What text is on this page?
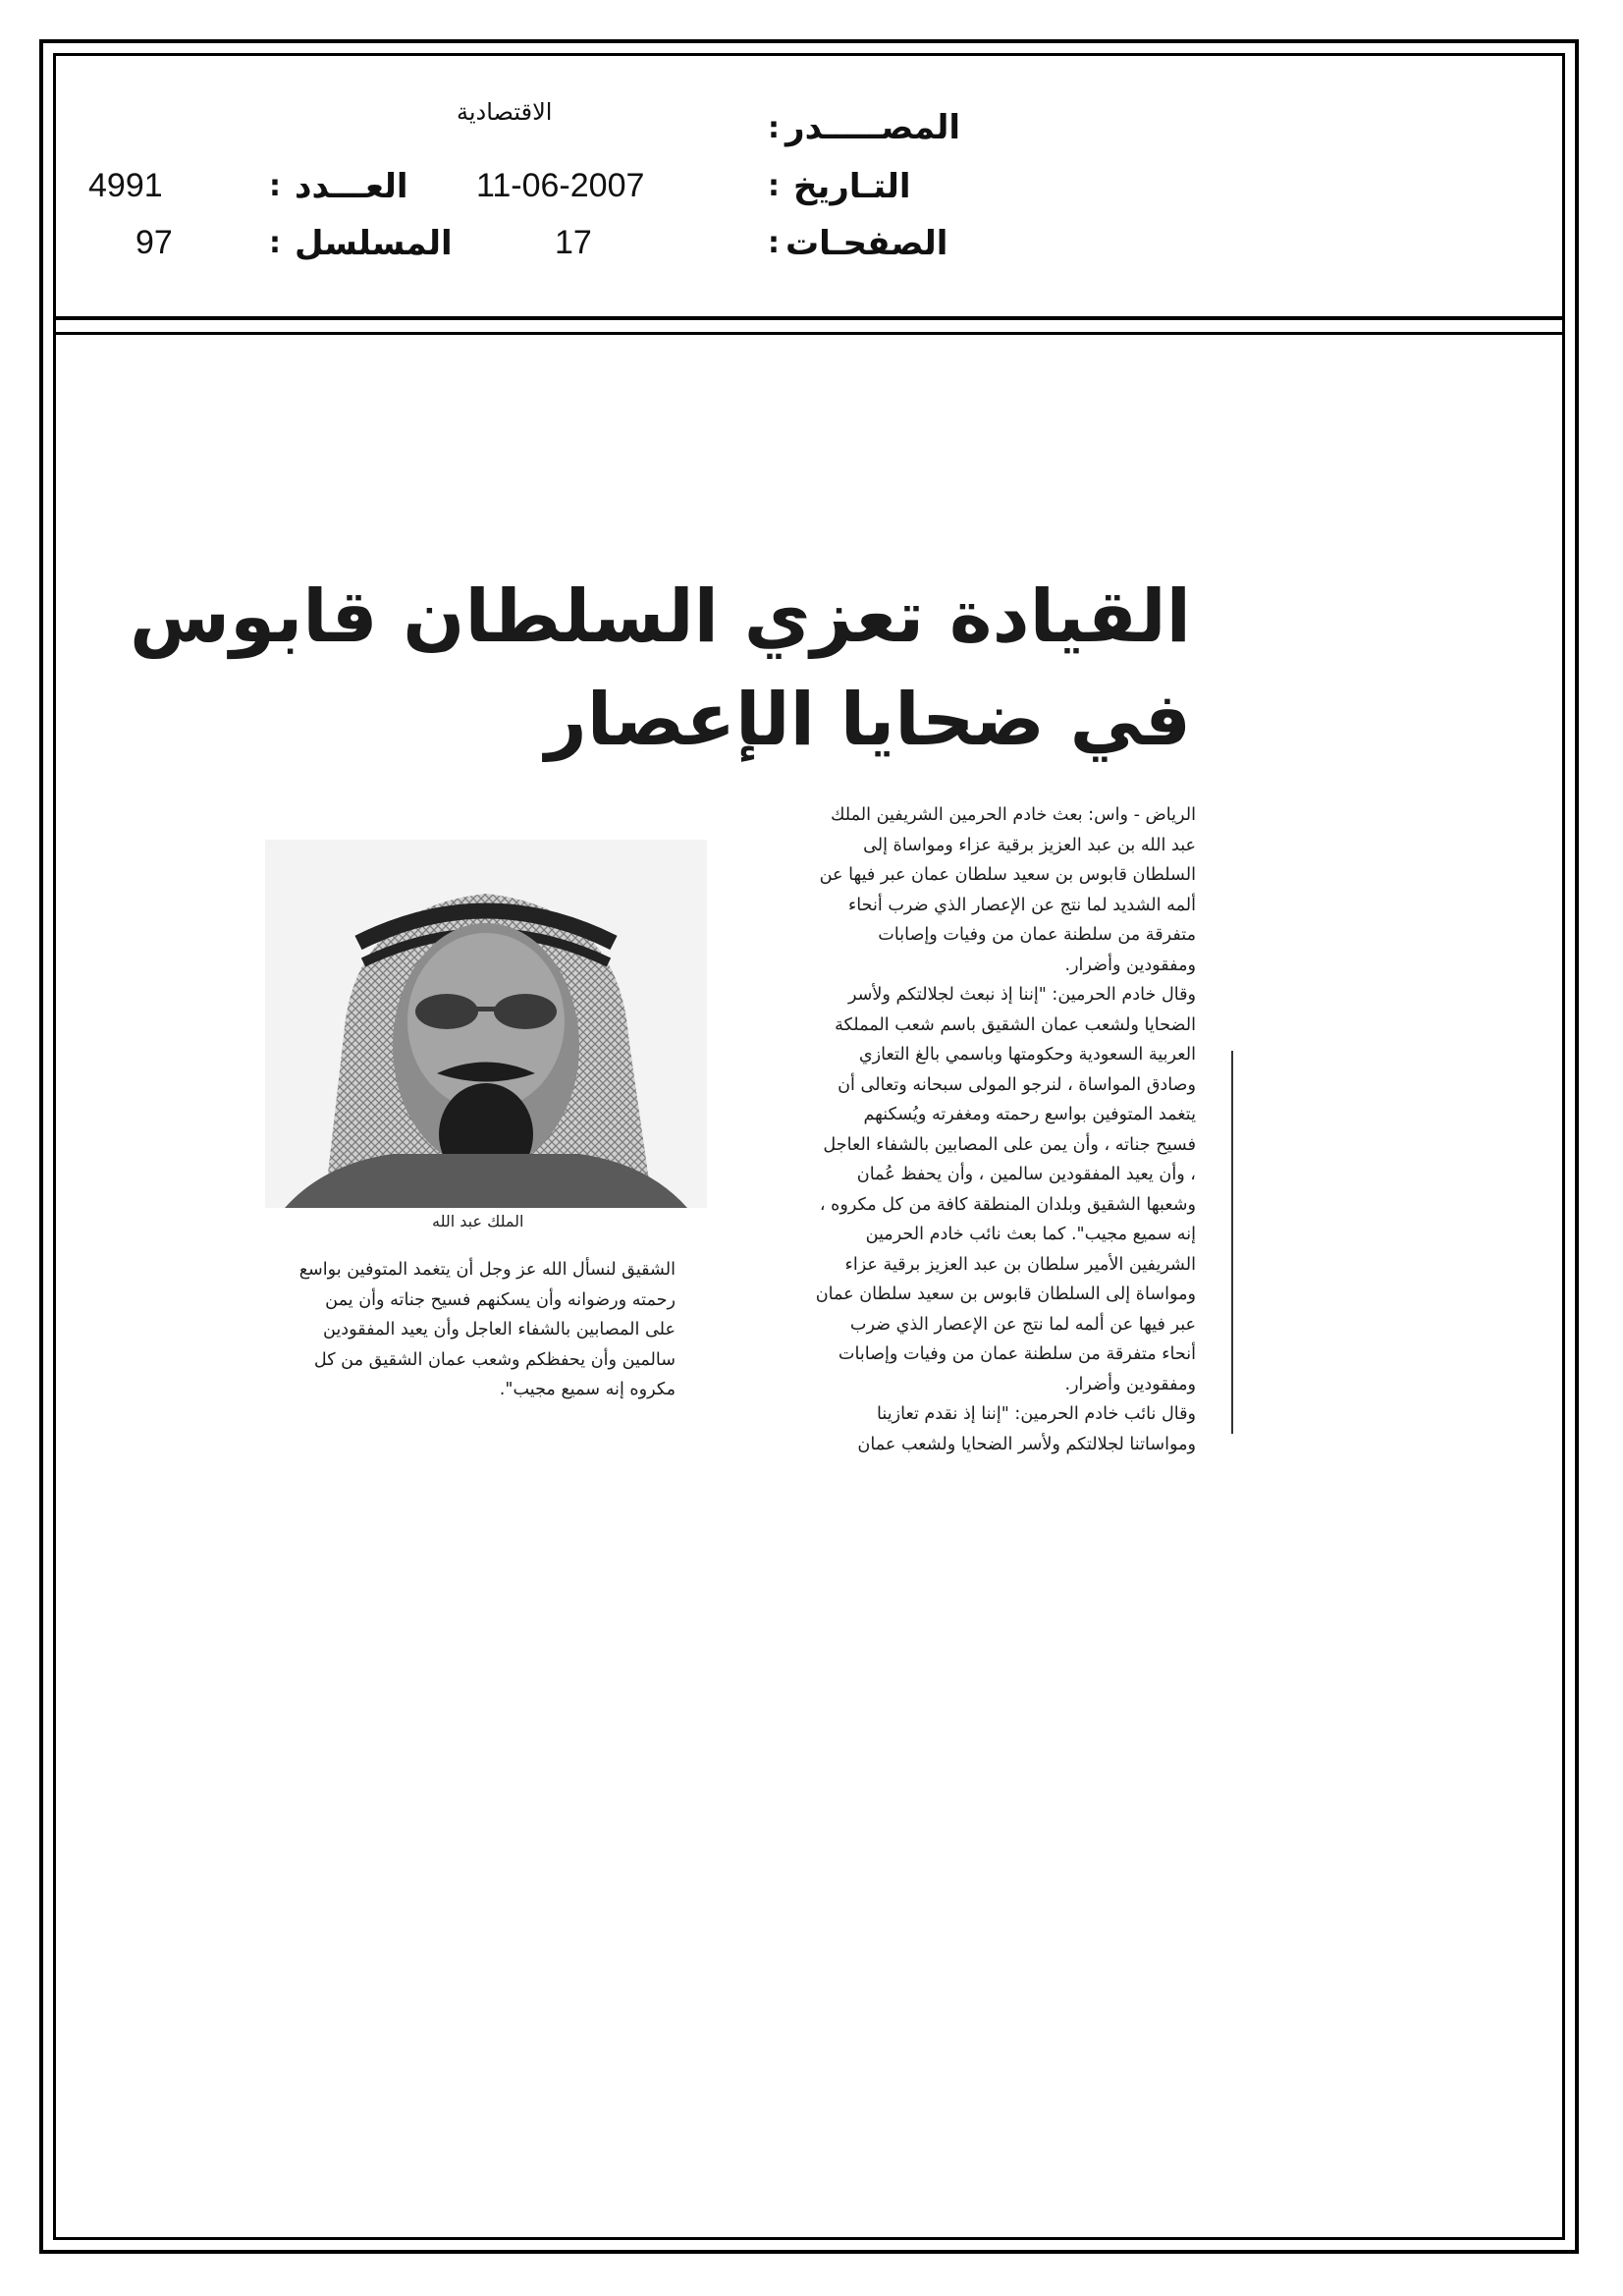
المصـــــدر
:
الاقتصادية
التـاريخ
:
11-06-2007
العـــدد
:
4991
الصفحـات
:
17
المسلسل
:
97
القيادة تعزي السلطان قابوس
في ضحايا الإعصار
الملك عبد الله

الرياض - واس: بعث خادم الحرمين الشريفين الملك

عبد الله بن عبد العزيز برقية عزاء ومواساة إلى

السلطان قابوس بن سعيد سلطان عمان عبر فيها عن

ألمه الشديد لما نتج عن الإعصار الذي ضرب أنحاء

متفرقة من سلطنة عمان من وفيات وإصابات

ومفقودين وأضرار.

وقال خادم الحرمين: "إننا إذ نبعث لجلالتكم ولأسر

الضحايا ولشعب عمان الشقيق باسم شعب المملكة

العربية السعودية وحكومتها وباسمي بالغ التعازي

وصادق المواساة ، لنرجو المولى سبحانه وتعالى أن

يتغمد المتوفين بواسع رحمته ومغفرته ويُسكنهم

فسيح جناته ، وأن يمن على المصابين بالشفاء العاجل

، وأن يعيد المفقودين سالمين ، وأن يحفظ عُمان

وشعبها الشقيق وبلدان المنطقة كافة من كل مكروه ،

إنه سميع مجيب". كما بعث نائب خادم الحرمين

الشريفين الأمير سلطان بن عبد العزيز برقية عزاء

ومواساة إلى السلطان قابوس بن سعيد سلطان عمان

عبر فيها عن ألمه لما نتج عن الإعصار الذي ضرب

أنحاء متفرقة من سلطنة عمان من وفيات وإصابات

ومفقودين وأضرار.

وقال نائب خادم الحرمين: "إننا إذ نقدم تعازينا

ومواساتنا لجلالتكم ولأسر الضحايا ولشعب عمان

الشقيق لنسأل الله عز وجل أن يتغمد المتوفين بواسع

رحمته ورضوانه وأن يسكنهم فسيح جناته وأن يمن

على المصابين بالشفاء العاجل وأن يعيد المفقودين

سالمين وأن يحفظكم وشعب عمان الشقيق من كل

مكروه إنه سميع مجيب".
